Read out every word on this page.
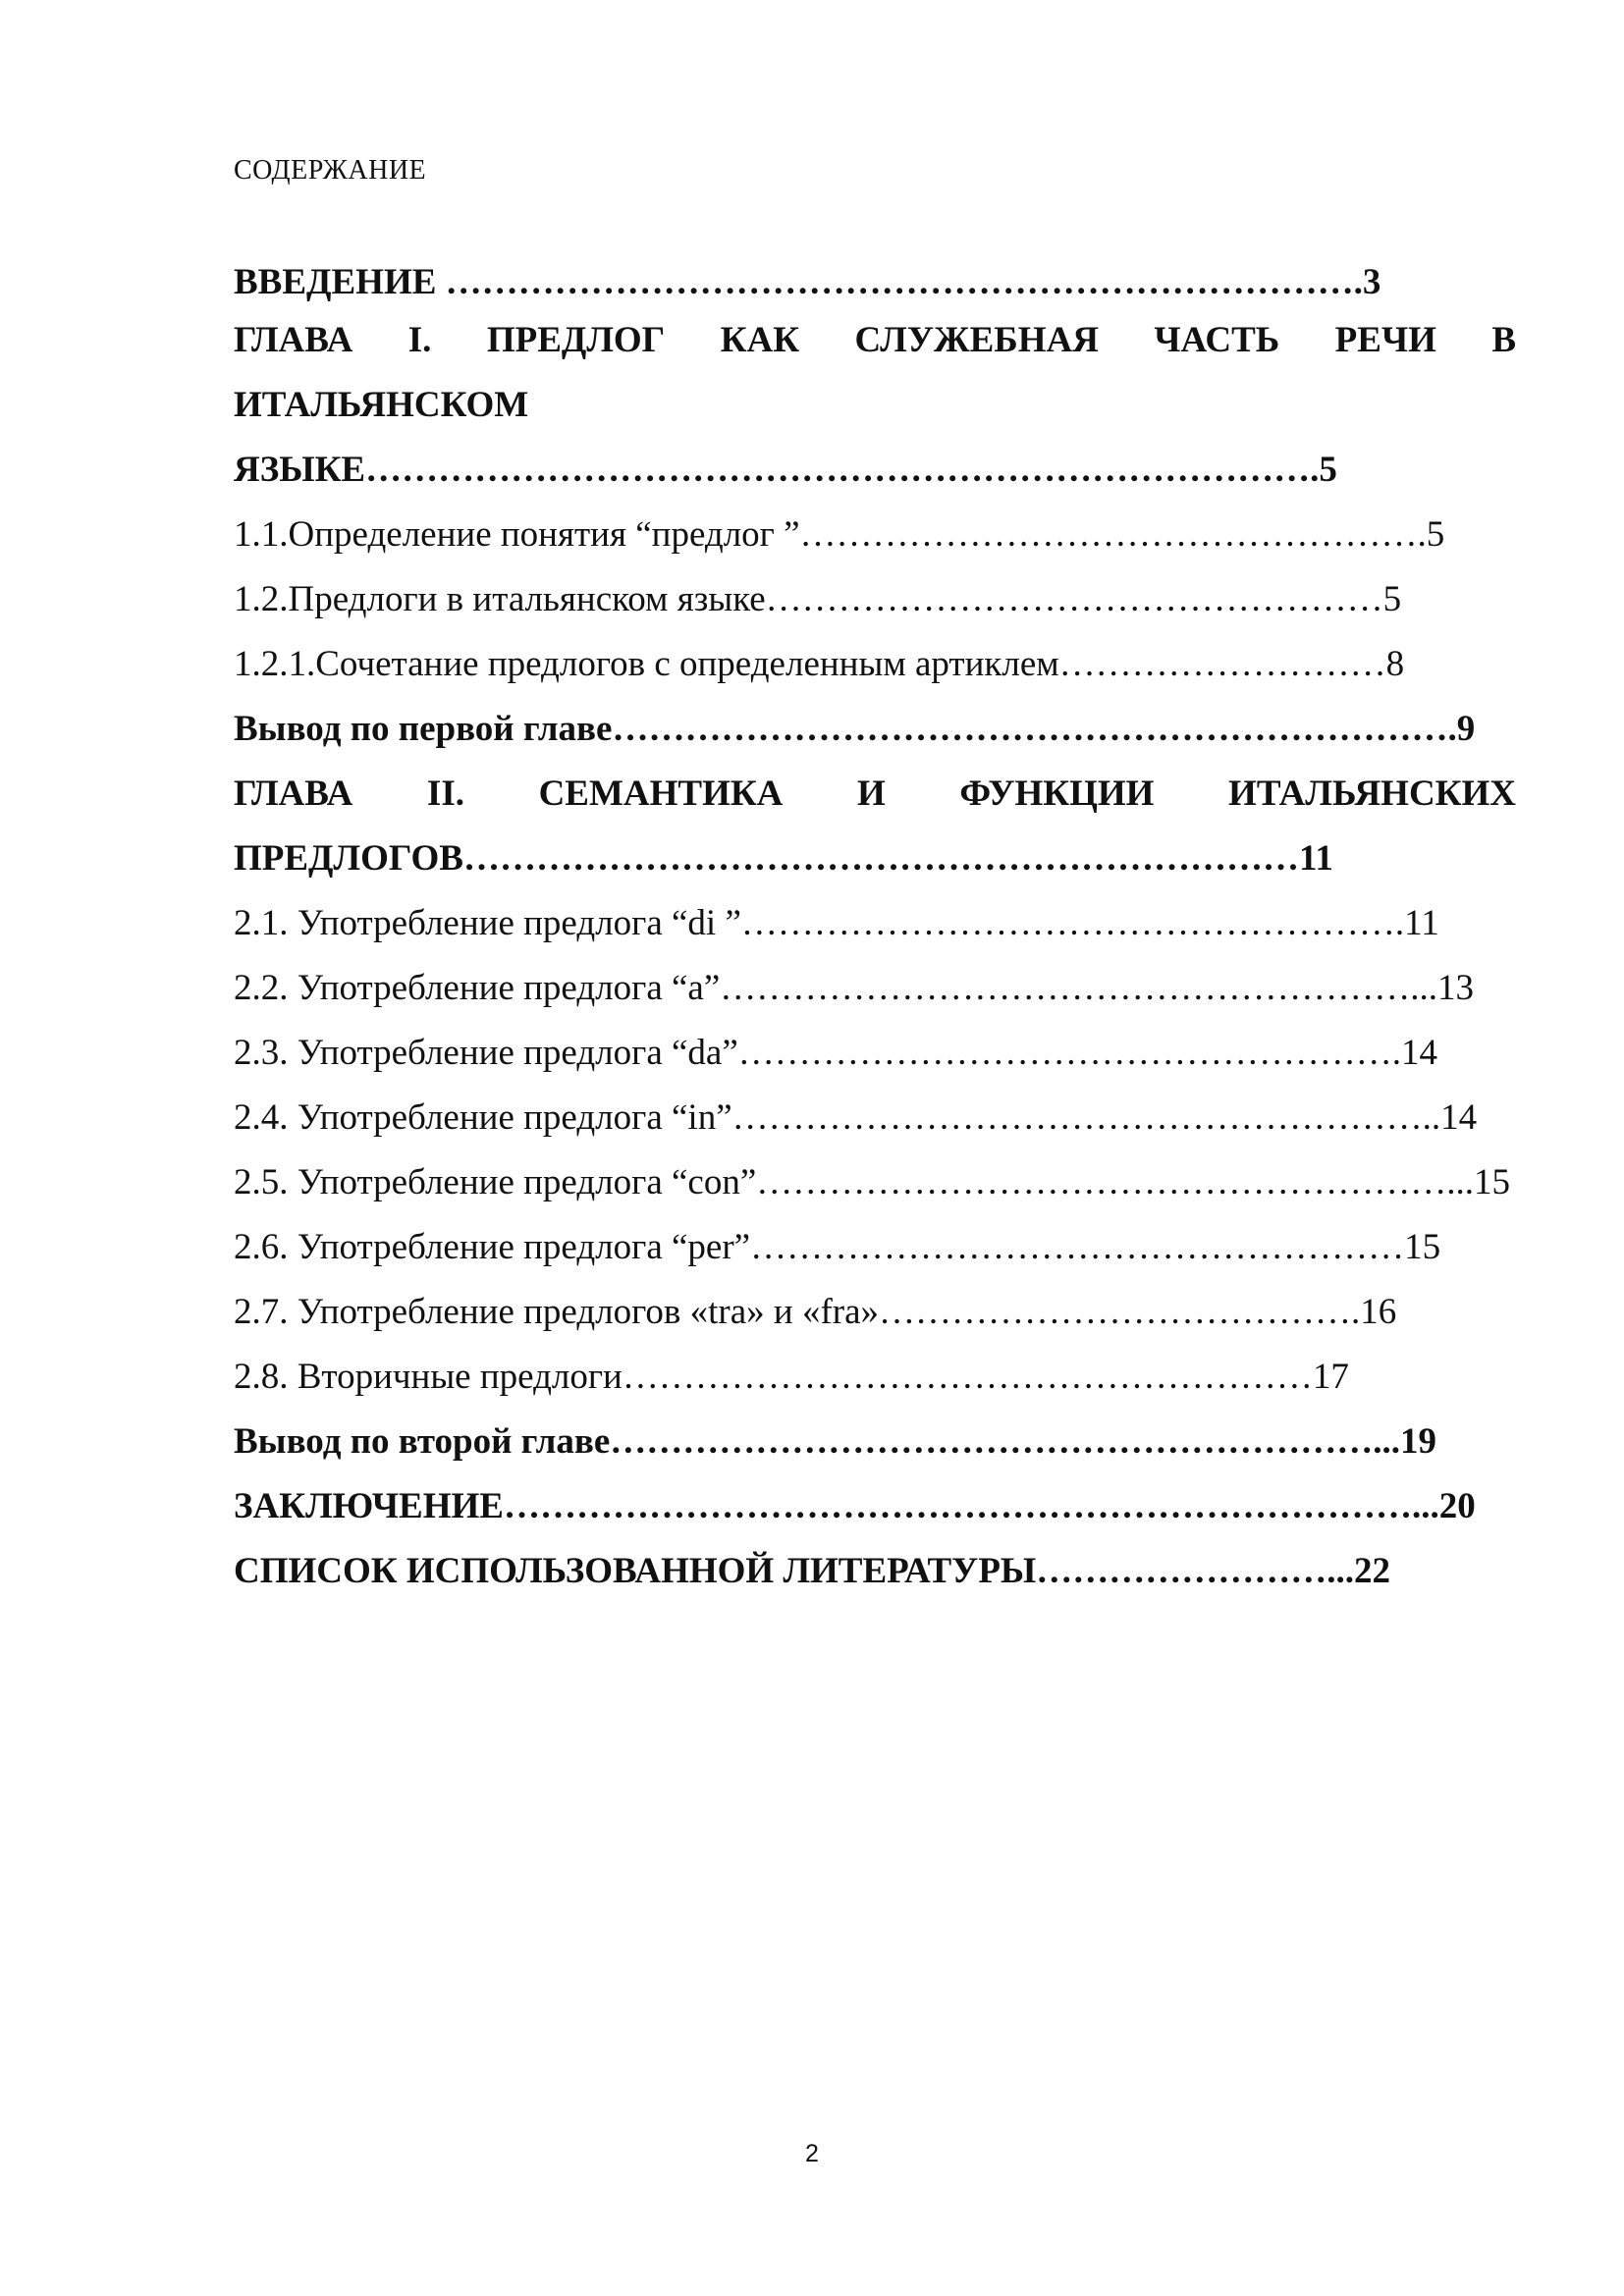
СОДЕРЖАНИЕ
ВВЕДЕНИЕ ………………………………………………………………….3
ГЛАВА I. ПРЕДЛОГ КАК СЛУЖЕБНАЯ ЧАСТЬ РЕЧИ В
ИТАЛЬЯНСКОМ
ЯЗЫКЕ…………………………………………………………………….5
1.1.Определение понятия “предлог ”…………………………………………….5
1.2.Предлоги в итальянском языке……………………………………………5
1.2.1.Сочетание предлогов с определенным артиклем………………………8
Вывод по первой главе…………………………………………………………….9
ГЛАВА II. СЕМАНТИКА И ФУНКЦИИ ИТАЛЬЯНСКИХ
ПРЕДЛОГОВ……………………………………………………………11
2.1. Употребление предлога “di ”……………………………………………….11
2.2. Употребление предлога “a”…………………………………………………...13
2.3. Употребление предлога “da”……………………………………………….14
2.4. Употребление предлога “in”…………………………………………………..14
2.5. Употребление предлога “con”…………………………………………………...15
2.6. Употребление предлога “per”………………………………………………15
2.7. Употребление предлогов «tra» и «fra»………………………………….16
2.8. Вторичные предлоги…………………………………………………17
Вывод по второй главе………………………………………………………...19
ЗАКЛЮЧЕНИЕ…………………………………………………………………...20
СПИСОК ИСПОЛЬЗОВАННОЙ ЛИТЕРАТУРЫ……………………...22
2
